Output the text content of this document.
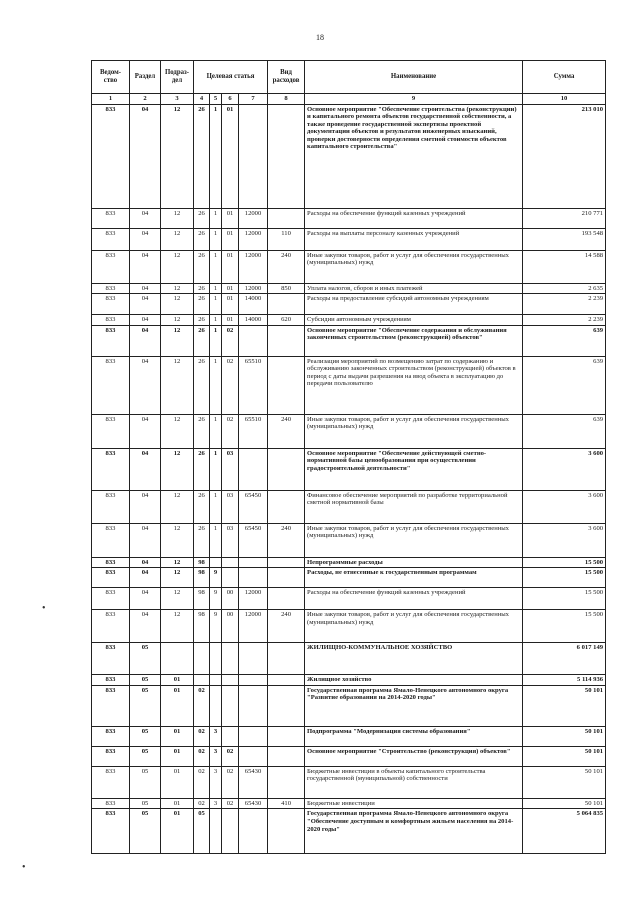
18
Ведом-ство	Раздел	Подраз-дел	Целевая статья				Вид расходов	Наименование	Сумма
1	2	3	4	5	6	7	8	9	10
833	04	12	26	1	01			Основное мероприятие "Обеспечение строительства (реконструкции) и капитального ремонта объектов государственной собственности, а также проведение государственной экспертизы проектной документации объектов и результатов инженерных изысканий, проверки достоверности определения сметной стоимости объектов капитального строительства"	213 010
833	04	12	26	1	01	12000		Расходы на обеспечение функций казенных учреждений	210 771
833	04	12	26	1	01	12000	110	Расходы на выплаты персоналу казенных учреждений	193 548
833	04	12	26	1	01	12000	240	Иные закупки товаров, работ и услуг для обеспечения государственных (муниципальных) нужд	14 588
833	04	12	26	1	01	12000	850	Уплата налогов, сборов и иных платежей	2 635
833	04	12	26	1	01	14000		Расходы на предоставление субсидий автономным учреждениям	2 239
833	04	12	26	1	01	14000	620	Субсидии автономным учреждениям	2 239
833	04	12	26	1	02			Основное мероприятие "Обеспечение содержания и обслуживания законченных строительством (реконструкцией) объектов"	639
833	04	12	26	1	02	65510		Реализация мероприятий по возмещению затрат по содержанию и обслуживанию законченных строительством (реконструкцией) объектов в период с даты выдачи разрешения на ввод объекта в эксплуатацию до передачи пользователю	639
833	04	12	26	1	02	65510	240	Иные закупки товаров, работ и услуг для обеспечения государственных (муниципальных) нужд	639
833	04	12	26	1	03			Основное мероприятие "Обеспечение действующей сметно-нормативной базы ценообразования при осуществлении градостроительной деятельности"	3 600
833	04	12	26	1	03	65450		Финансовое обеспечение мероприятий по разработке территориальной сметной нормативной базы	3 600
833	04	12	26	1	03	65450	240	Иные закупки товаров, работ и услуг для обеспечения государственных (муниципальных) нужд	3 600
833	04	12	98					Непрограммные расходы	15 500
833	04	12	98	9				Расходы, не отнесенные к государственным программам	15 500
833	04	12	98	9	00	12000		Расходы на обеспечение функций казенных учреждений	15 500
833	04	12	98	9	00	12000	240	Иные закупки товаров, работ и услуг для обеспечения государственных (муниципальных) нужд	15 500
833	05							ЖИЛИЩНО-КОММУНАЛЬНОЕ ХОЗЯЙСТВО	6 017 149
833	05	01						Жилищное хозяйство	5 114 936
833	05	01	02					Государственная программа Ямало-Ненецкого автономного округа "Развитие образования на 2014-2020 годы"	50 101
833	05	01	02	3				Подпрограмма "Модернизация системы образования"	50 101
833	05	01	02	3	02			Основное мероприятие "Строительство (реконструкция) объектов"	50 101
833	05	01	02	3	02	65430		Бюджетные инвестиции в объекты капитального строительства государственной (муниципальной) собственности	50 101
833	05	01	02	3	02	65430	410	Бюджетные инвестиции	50 101
833	05	01	05					Государственная программа Ямало-Ненецкого автономного округа "Обеспечение доступным и комфортным жильем населения на 2014-2020 годы"	5 064 835
•
•
